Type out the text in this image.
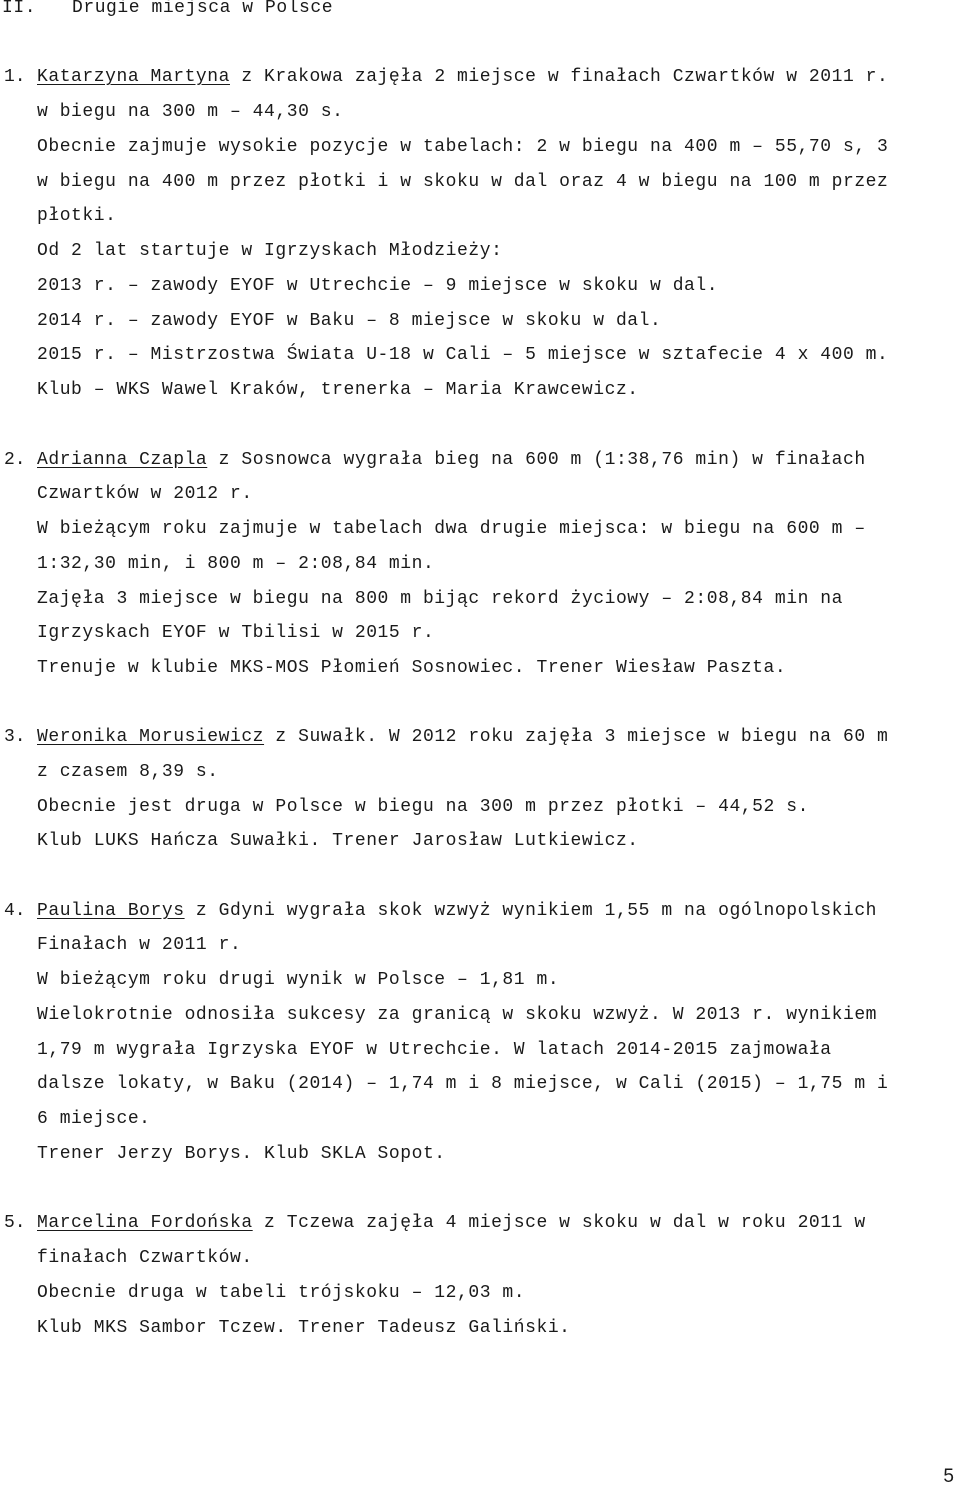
II. Drugie miejsca w Polsce
1. Katarzyna Martyna z Krakowa zajęła 2 miejsce w finałach Czwartków w 2011 r.
w biegu na 300 m – 44,30 s.
Obecnie zajmuje wysokie pozycje w tabelach: 2 w biegu na 400 m – 55,70 s, 3
w biegu na 400 m przez płotki i w skoku w dal oraz 4 w biegu na 100 m przez
płotki.
Od 2 lat startuje w Igrzyskach Młodzieży:
2013 r. – zawody EYOF w Utrechcie – 9 miejsce w skoku w dal.
2014 r. – zawody EYOF w Baku – 8 miejsce w skoku w dal.
2015 r. – Mistrzostwa Świata U-18 w Cali – 5 miejsce w sztafecie 4 x 400 m.
Klub – WKS Wawel Kraków, trenerka – Maria Krawcewicz.
2. Adrianna Czapla z Sosnowca wygrała bieg na 600 m (1:38,76 min) w finałach
Czwartków w 2012 r.
W bieżącym roku zajmuje w tabelach dwa drugie miejsca: w biegu na 600 m –
1:32,30 min, i 800 m – 2:08,84 min.
Zajęła 3 miejsce w biegu na 800 m bijąc rekord życiowy – 2:08,84 min na
Igrzyskach EYOF w Tbilisi w 2015 r.
Trenuje w klubie MKS-MOS Płomień Sosnowiec. Trener Wiesław Paszta.
3. Weronika Morusiewicz z Suwałk. W 2012 roku zajęła 3 miejsce w biegu na 60 m
z czasem 8,39 s.
Obecnie jest druga w Polsce w biegu na 300 m przez płotki – 44,52 s.
Klub LUKS Hańcza Suwałki. Trener Jarosław Lutkiewicz.
4. Paulina Borys z Gdyni wygrała skok wzwyż wynikiem 1,55 m na ogólnopolskich
Finałach w 2011 r.
W bieżącym roku drugi wynik w Polsce – 1,81 m.
Wielokrotnie odnosiła sukcesy za granicą w skoku wzwyż. W 2013 r. wynikiem
1,79 m wygrała Igrzyska EYOF w Utrechcie. W latach 2014-2015 zajmowała
dalsze lokaty, w Baku (2014) – 1,74 m i 8 miejsce, w Cali (2015) – 1,75 m i
6 miejsce.
Trener Jerzy Borys. Klub SKLA Sopot.
5. Marcelina Fordońska z Tczewa zajęła 4 miejsce w skoku w dal w roku 2011 w
finałach Czwartków.
Obecnie druga w tabeli trójskoku – 12,03 m.
Klub MKS Sambor Tczew. Trener Tadeusz Galiński.
5
